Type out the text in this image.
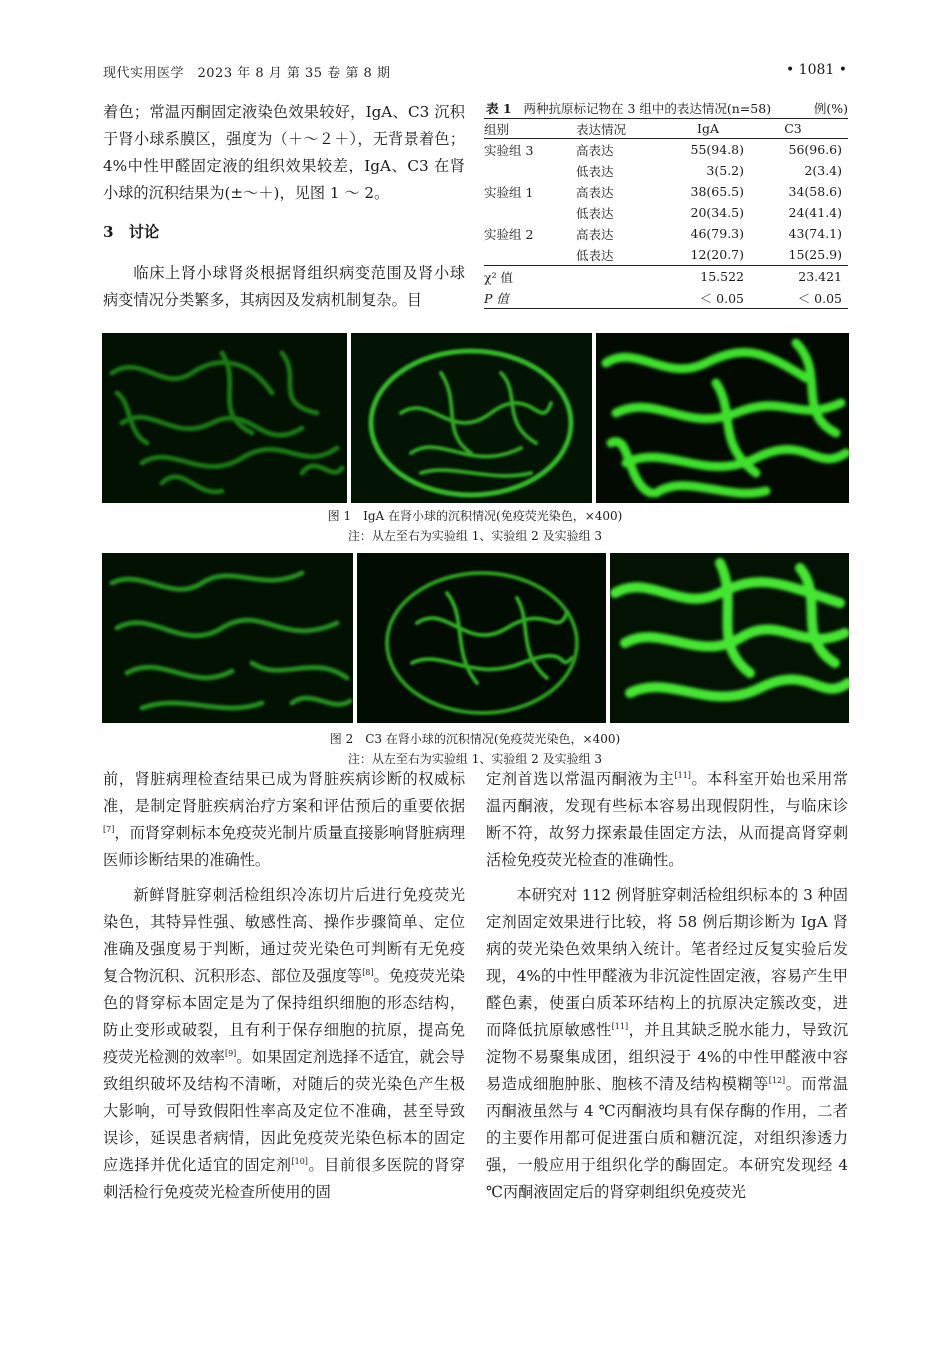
现代实用医学　2023 年 8 月 第 35 卷 第 8 期	• 1081 •

着色；常温丙酮固定液染色效果较好，IgA、C3 沉积于肾小球系膜区，强度为（＋～２＋），无背景着色；4%中性甲醛固定液的组织效果较差，IgA、C3 在肾小球的沉积结果为(±～＋)，见图 1 ～ 2。

3　讨论

临床上肾小球肾炎根据肾组织病变范围及肾小球病变情况分类繁多，其病因及发病机制复杂。目

表 1 两种抗原标记物在 3 组中的表达情况(n=58)	例(%)
组别	表达情况	IgA	C3
实验组 3	高表达	55(94.8)	56(96.6)
	低表达	3(5.2)	2(3.4)
实验组 1	高表达	38(65.5)	34(58.6)
	低表达	20(34.5)	24(41.4)
实验组 2	高表达	46(79.3)	43(74.1)
	低表达	12(20.7)	15(25.9)
χ² 值		15.522	23.421
P 值		＜ 0.05	＜ 0.05
图 1　IgA 在肾小球的沉积情况(免疫荧光染色，×400)
注：从左至右为实验组 1、实验组 2 及实验组 3
图 2　C3 在肾小球的沉积情况(免疫荧光染色，×400)
注：从左至右为实验组 1、实验组 2 及实验组 3

前，肾脏病理检查结果已成为肾脏疾病诊断的权威标准，是制定肾脏疾病治疗方案和评估预后的重要依据[7]，而肾穿刺标本免疫荧光制片质量直接影响肾脏病理医师诊断结果的准确性。

新鲜肾脏穿刺活检组织冷冻切片后进行免疫荧光染色，其特异性强、敏感性高、操作步骤简单、定位准确及强度易于判断，通过荧光染色可判断有无免疫复合物沉积、沉积形态、部位及强度等[8]。免疫荧光染色的肾穿标本固定是为了保持组织细胞的形态结构，防止变形或破裂，且有利于保存细胞的抗原，提高免疫荧光检测的效率[9]。如果固定剂选择不适宜，就会导致组织破坏及结构不清晰，对随后的荧光染色产生极大影响，可导致假阳性率高及定位不准确，甚至导致误诊，延误患者病情，因此免疫荧光染色标本的固定应选择并优化适宜的固定剂[10]。目前很多医院的肾穿刺活检行免疫荧光检查所使用的固

定剂首选以常温丙酮液为主[11]。本科室开始也采用常温丙酮液，发现有些标本容易出现假阴性，与临床诊断不符，故努力探索最佳固定方法，从而提高肾穿刺活检免疫荧光检查的准确性。

本研究对 112 例肾脏穿刺活检组织标本的 3 种固定剂固定效果进行比较，将 58 例后期诊断为 IgA 肾病的荧光染色效果纳入统计。笔者经过反复实验后发现，4%的中性甲醛液为非沉淀性固定液，容易产生甲醛色素，使蛋白质苯环结构上的抗原决定簇改变，进而降低抗原敏感性[11]，并且其缺乏脱水能力，导致沉淀物不易聚集成团，组织浸于 4%的中性甲醛液中容易造成细胞肿胀、胞核不清及结构模糊等[12]。而常温丙酮液虽然与 4 ℃丙酮液均具有保存酶的作用，二者的主要作用都可促进蛋白质和糖沉淀，对组织渗透力强，一般应用于组织化学的酶固定。本研究发现经 4 ℃丙酮液固定后的肾穿刺组织免疫荧光
